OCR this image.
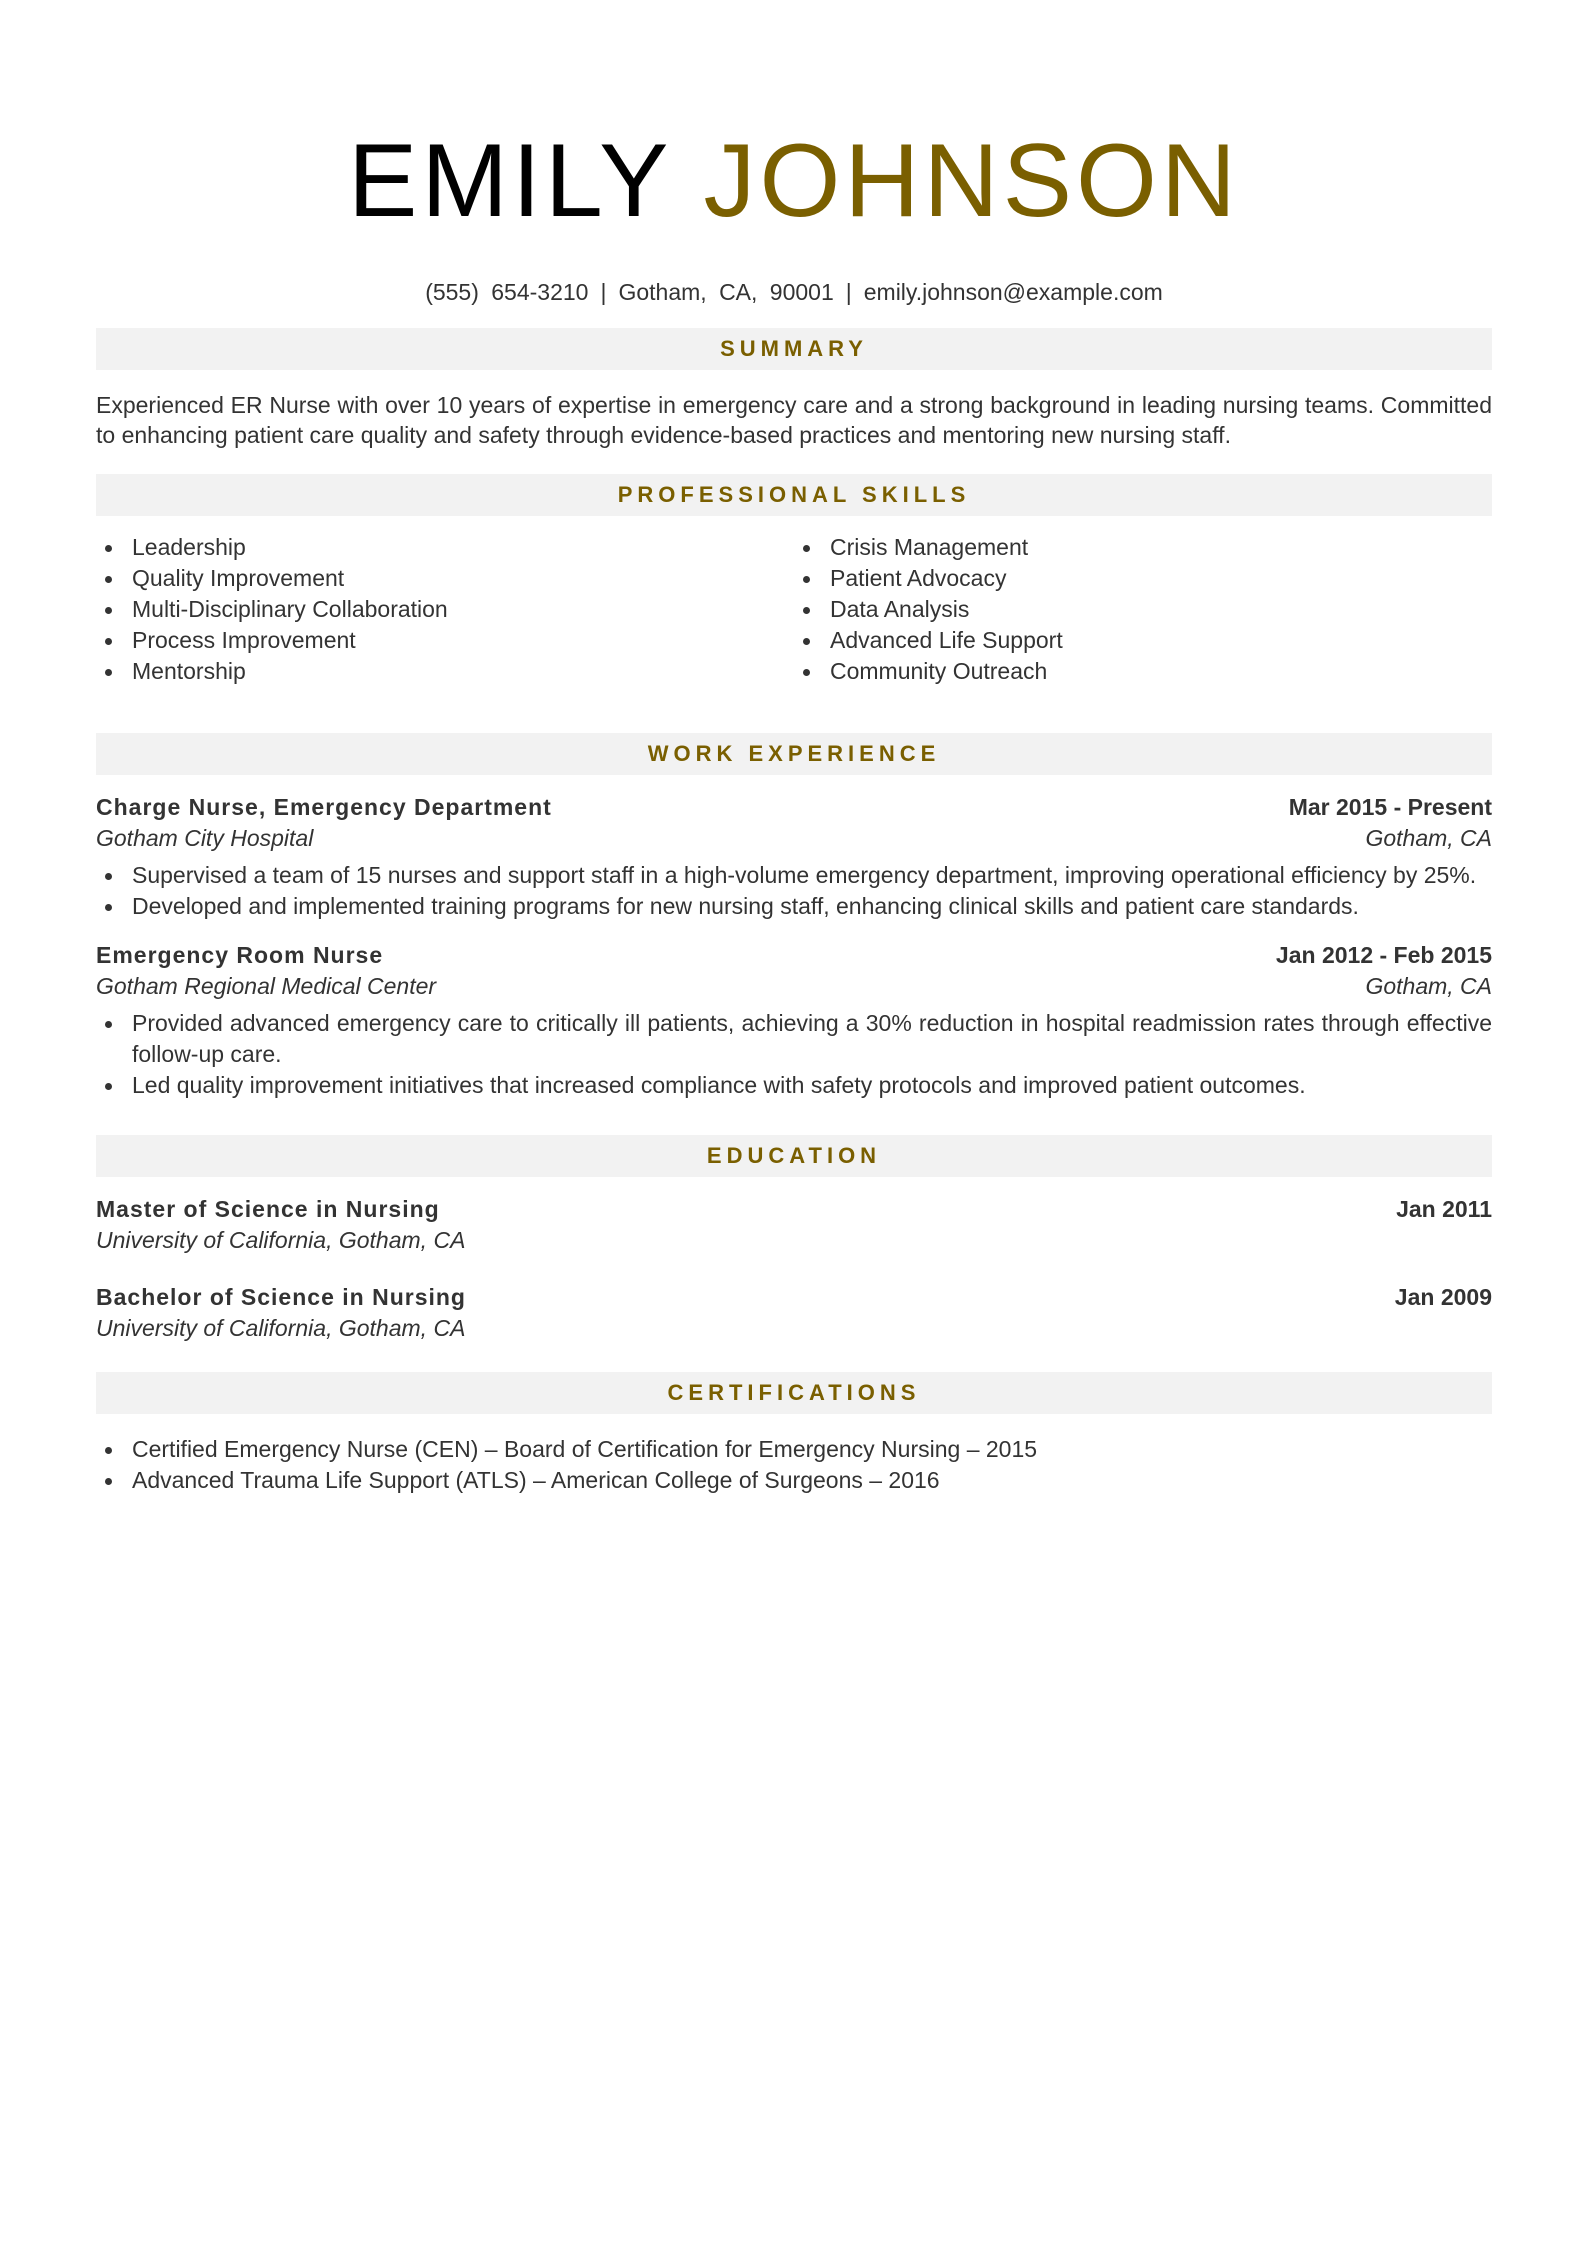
EMILY JOHNSON
(555) 654-3210 | Gotham, CA, 90001 | emily.johnson@example.com
SUMMARY
Experienced ER Nurse with over 10 years of expertise in emergency care and a strong background in leading nursing teams. Committed to enhancing patient care quality and safety through evidence-based practices and mentoring new nursing staff.
PROFESSIONAL SKILLS
Leadership
Quality Improvement
Multi-Disciplinary Collaboration
Process Improvement
Mentorship
Crisis Management
Patient Advocacy
Data Analysis
Advanced Life Support
Community Outreach
WORK EXPERIENCE
Charge Nurse, Emergency Department	Mar 2015 - Present
Gotham City Hospital	Gotham, CA
Supervised a team of 15 nurses and support staff in a high-volume emergency department, improving operational efficiency by 25%.
Developed and implemented training programs for new nursing staff, enhancing clinical skills and patient care standards.
Emergency Room Nurse	Jan 2012 - Feb 2015
Gotham Regional Medical Center	Gotham, CA
Provided advanced emergency care to critically ill patients, achieving a 30% reduction in hospital readmission rates through effective follow-up care.
Led quality improvement initiatives that increased compliance with safety protocols and improved patient outcomes.
EDUCATION
Master of Science in Nursing	Jan 2011
University of California, Gotham, CA
Bachelor of Science in Nursing	Jan 2009
University of California, Gotham, CA
CERTIFICATIONS
Certified Emergency Nurse (CEN) – Board of Certification for Emergency Nursing – 2015
Advanced Trauma Life Support (ATLS) – American College of Surgeons – 2016
